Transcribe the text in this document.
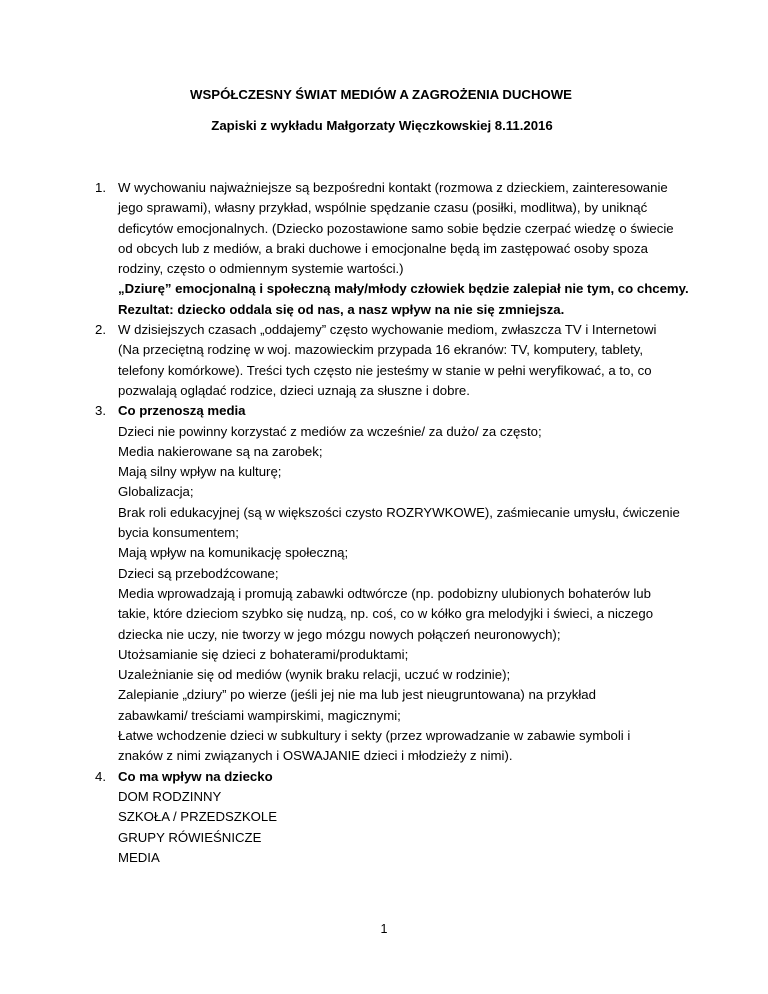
WSPÓŁCZESNY ŚWIAT MEDIÓW A ZAGROŻENIA DUCHOWE
Zapiski z wykładu Małgorzaty Więczkowskiej 8.11.2016
1. W wychowaniu najważniejsze są bezpośredni kontakt (rozmowa z dzieckiem, zainteresowanie
jego sprawami), własny przykład, wspólnie spędzanie czasu (posiłki, modlitwa), by uniknąć
deficytów emocjonalnych. (Dziecko pozostawione samo sobie będzie czerpać wiedzę o świecie
od obcych lub z mediów, a braki duchowe i emocjonalne będą im zastępować osoby spoza
rodziny, często o odmiennym systemie wartości.)
„Dziurę” emocjonalną i społeczną mały/młody człowiek będzie zalepiał nie tym, co chcemy.
Rezultat: dziecko oddala się od nas, a nasz wpływ na nie się zmniejsza.
2. W dzisiejszych czasach „oddajemy” często wychowanie mediom, zwłaszcza TV i Internetowi
(Na przeciętną rodzinę w woj. mazowieckim przypada 16 ekranów: TV, komputery, tablety,
telefony komórkowe). Treści tych często nie jesteśmy w stanie w pełni weryfikować, a to, co
pozwalają oglądać rodzice, dzieci uznają za słuszne i dobre.
3. Co przenoszą media
Dzieci nie powinny korzystać z mediów za wcześnie/ za dużo/ za często;
Media nakierowane są na zarobek;
Mają silny wpływ na kulturę;
Globalizacja;
Brak roli edukacyjnej (są w większości czysto ROZRYWKOWE), zaśmiecanie umysłu, ćwiczenie
bycia konsumentem;
Mają wpływ na komunikację społeczną;
Dzieci są przebodźcowane;
Media wprowadzają i promują zabawki odtwórcze (np. podobizny ulubionych bohaterów lub
takie, które dzieciom szybko się nudzą, np. coś, co w kółko gra melodyjki i świeci, a niczego
dziecka nie uczy, nie tworzy w jego mózgu nowych połączeń neuronowych);
Utożsamianie się dzieci z bohaterami/produktami;
Uzależnianie się od mediów (wynik braku relacji, uczuć w rodzinie);
Zalepianie „dziury” po wierze (jeśli jej nie ma lub jest nieugruntowana) na przykład
zabawkami/ treściami wampirskimi, magicznymi;
Łatwe wchodzenie dzieci w subkultury i sekty (przez wprowadzanie w zabawie symboli i
znaków z nimi związanych i OSWAJANIE dzieci i młodzieży z nimi).
4. Co ma wpływ na dziecko
DOM RODZINNY
SZKOŁA / PRZEDSZKOLE
GRUPY RÓWIEŚNICZE
MEDIA
1
